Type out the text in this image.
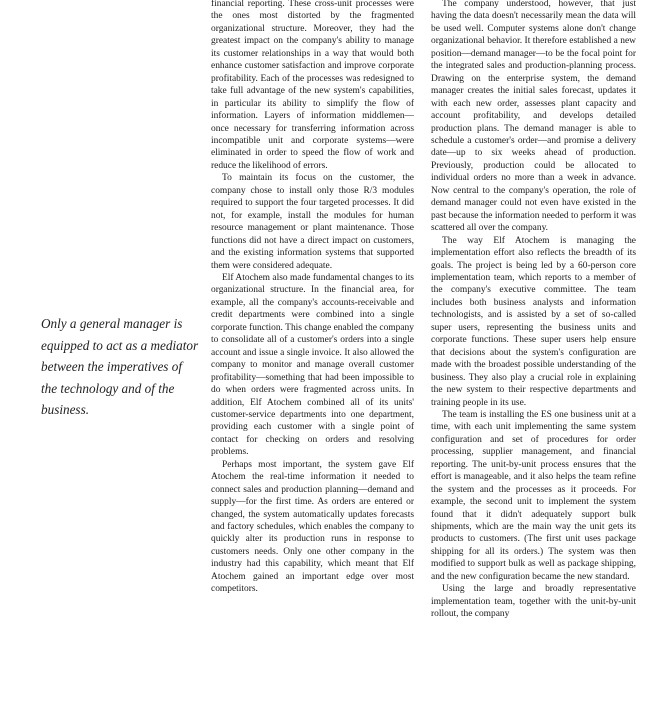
Only a general manager is equipped to act as a mediator between the imperatives of the technology and of the business.

financial reporting. These cross-unit processes were the ones most distorted by the fragmented organizational structure. Moreover, they had the greatest impact on the company's ability to manage its customer relationships in a way that would both enhance customer satisfaction and improve corporate profitability. Each of the processes was redesigned to take full advantage of the new system's capabilities, in particular its ability to simplify the flow of information. Layers of information middlemen—once necessary for transferring information across incompatible unit and corporate systems—were eliminated in order to speed the flow of work and reduce the likelihood of errors.

To maintain its focus on the customer, the company chose to install only those R/3 modules required to support the four targeted processes. It did not, for example, install the modules for human resource management or plant maintenance. Those functions did not have a direct impact on customers, and the existing information systems that supported them were considered adequate.

Elf Atochem also made fundamental changes to its organizational structure. In the financial area, for example, all the company's accounts-receivable and credit departments were combined into a single corporate function. This change enabled the company to consolidate all of a customer's orders into a single account and issue a single invoice. It also allowed the company to monitor and manage overall customer profitability—something that had been impossible to do when orders were fragmented across units. In addition, Elf Atochem combined all of its units' customer-service departments into one department, providing each customer with a single point of contact for checking on orders and resolving problems.

Perhaps most important, the system gave Elf Atochem the real-time information it needed to connect sales and production planning—demand and supply—for the first time. As orders are entered or changed, the system automatically updates forecasts and factory schedules, which enables the company to quickly alter its production runs in response to customers needs. Only one other company in the industry had this capability, which meant that Elf Atochem gained an important edge over most competitors.

The company understood, however, that just having the data doesn't necessarily mean the data will be used well. Computer systems alone don't change organizational behavior. It therefore established a new position—demand manager—to be the focal point for the integrated sales and production-planning process. Drawing on the enterprise system, the demand manager creates the initial sales forecast, updates it with each new order, assesses plant capacity and account profitability, and develops detailed production plans. The demand manager is able to schedule a customer's order—and promise a delivery date—up to six weeks ahead of production. Previously, production could be allocated to individual orders no more than a week in advance. Now central to the company's operation, the role of demand manager could not even have existed in the past because the information needed to perform it was scattered all over the company.

The way Elf Atochem is managing the implementation effort also reflects the breadth of its goals. The project is being led by a 60-person core implementation team, which reports to a member of the company's executive committee. The team includes both business analysts and information technologists, and is assisted by a set of so-called super users, representing the business units and corporate functions. These super users help ensure that decisions about the system's configuration are made with the broadest possible understanding of the business. They also play a crucial role in explaining the new system to their respective departments and training people in its use.

The team is installing the ES one business unit at a time, with each unit implementing the same system configuration and set of procedures for order processing, supplier management, and financial reporting. The unit-by-unit process ensures that the effort is manageable, and it also helps the team refine the system and the processes as it proceeds. For example, the second unit to implement the system found that it didn't adequately support bulk shipments, which are the main way the unit gets its products to customers. (The first unit uses package shipping for all its orders.) The system was then modified to support bulk as well as package shipping, and the new configuration became the new standard.

Using the large and broadly representative implementation team, together with the unit-by-unit rollout, the company
